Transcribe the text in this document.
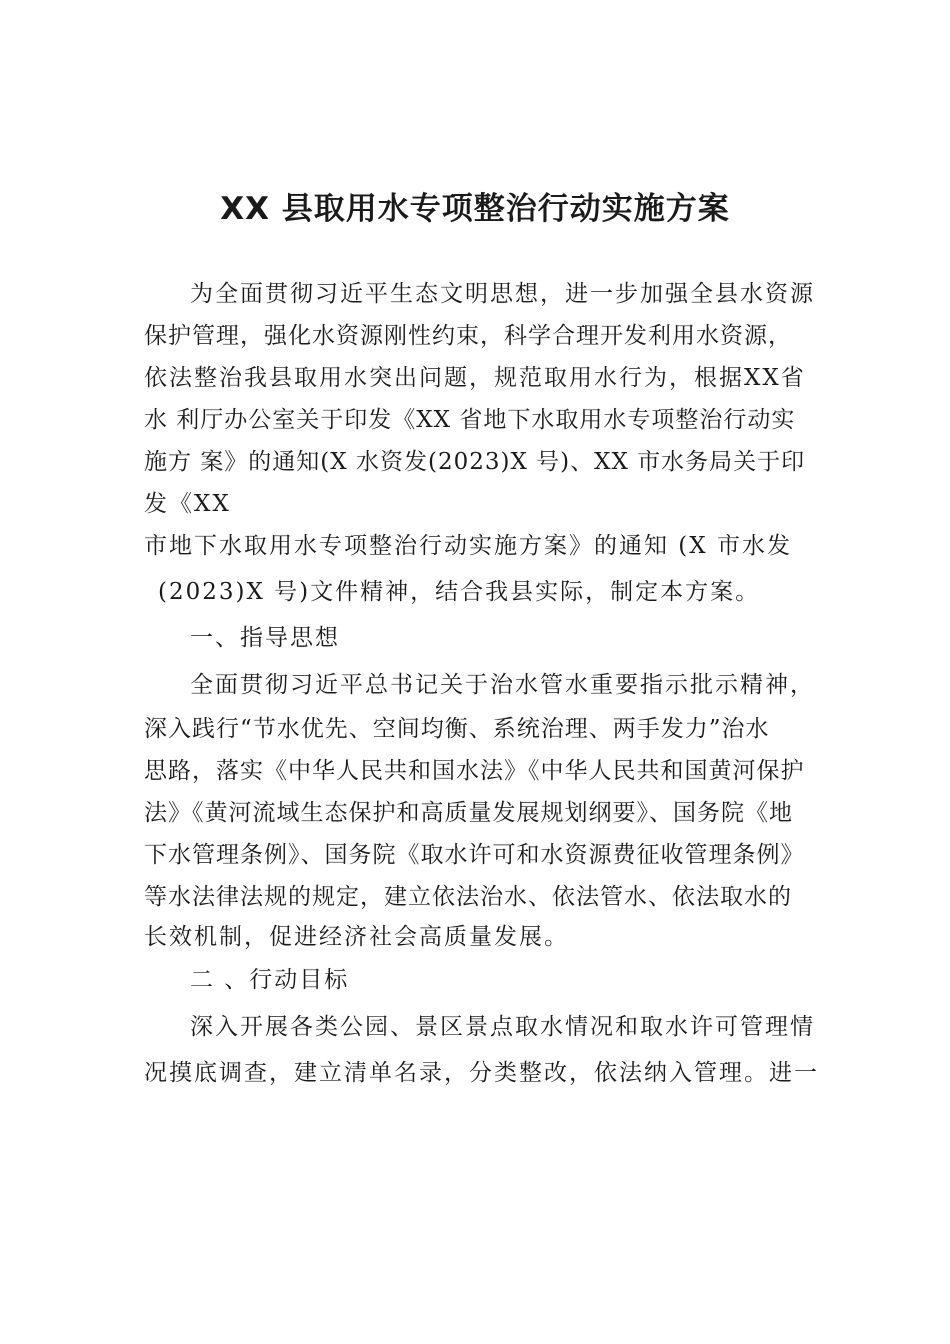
XX 县取用水专项整治行动实施方案

为全面贯彻习近平生态文明思想，进一步加强全县水资源

保护管理，强化水资源刚性约束，科学合理开发利用水资源，

依法整治我县取用水突出问题，规范取用水行为，根据XX省

水 利厅办公室关于印发《XX 省地下水取用水专项整治行动实

施方 案》的通知(X 水资发(2023)X 号)、XX 市水务局关于印

发《XX

市地下水取用水专项整治行动实施方案》的通知 (X 市水发

(2023)X 号)文件精神，结合我县实际，制定本方案。

一、指导思想

全面贯彻习近平总书记关于治水管水重要指示批示精神，

深入践行“节水优先、空间均衡、系统治理、两手发力”治水

思路，落实《中华人民共和国水法》《中华人民共和国黄河保护

法》《黄河流域生态保护和高质量发展规划纲要》、国务院《地

下水管理条例》、国务院《取水许可和水资源费征收管理条例》

等水法律法规的规定，建立依法治水、依法管水、依法取水的

长效机制，促进经济社会高质量发展。

二 、行动目标

深入开展各类公园、景区景点取水情况和取水许可管理情

况摸底调查，建立清单名录，分类整改，依法纳入管理。进一
